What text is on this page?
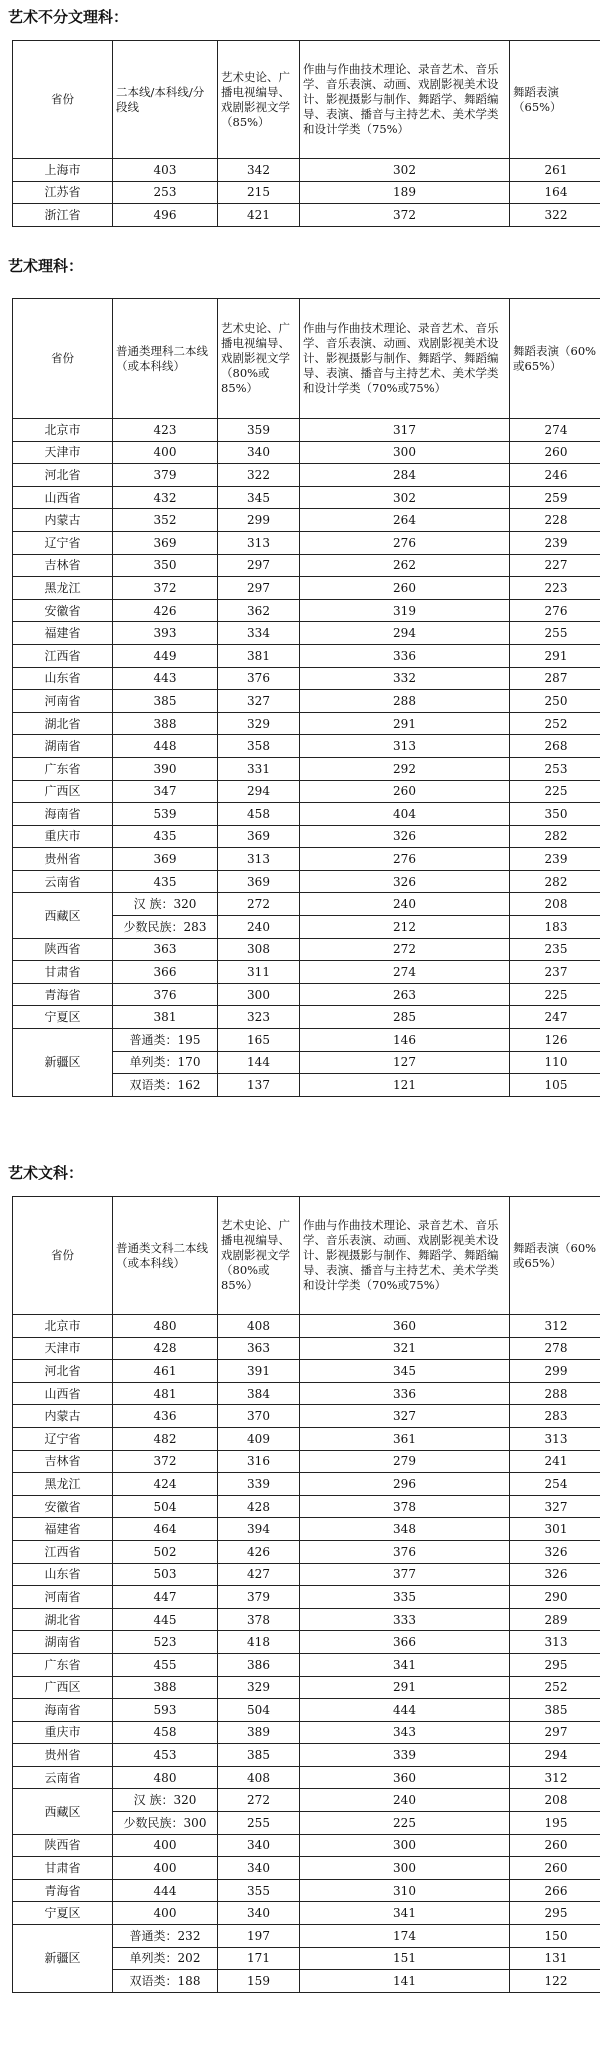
艺术不分文理科：
省份	二本线/本科线/分段线	艺术史论、广播电视编导、戏剧影视文学（85%）	作曲与作曲技术理论、录音艺术、音乐学、音乐表演、动画、戏剧影视美术设计、影视摄影与制作、舞蹈学、舞蹈编导、表演、播音与主持艺术、美术学类和设计学类（75%）	舞蹈表演（65%）
上海市	403	342	302	261
江苏省	253	215	189	164
浙江省	496	421	372	322
艺术理科：
省份	普通类理科二本线（或本科线）	艺术史论、广播电视编导、戏剧影视文学（80%或85%）	作曲与作曲技术理论、录音艺术、音乐学、音乐表演、动画、戏剧影视美术设计、影视摄影与制作、舞蹈学、舞蹈编导、表演、播音与主持艺术、美术学类和设计学类（70%或75%）	舞蹈表演（60%或65%）
北京市	423	359	317	274
天津市	400	340	300	260
河北省	379	322	284	246
山西省	432	345	302	259
内蒙古	352	299	264	228
辽宁省	369	313	276	239
吉林省	350	297	262	227
黑龙江	372	297	260	223
安徽省	426	362	319	276
福建省	393	334	294	255
江西省	449	381	336	291
山东省	443	376	332	287
河南省	385	327	288	250
湖北省	388	329	291	252
湖南省	448	358	313	268
广东省	390	331	292	253
广西区	347	294	260	225
海南省	539	458	404	350
重庆市	435	369	326	282
贵州省	369	313	276	239
云南省	435	369	326	282
西藏区	汉 族：320	272	240	208
	少数民族：283	240	212	183
陕西省	363	308	272	235
甘肃省	366	311	274	237
青海省	376	300	263	225
宁夏区	381	323	285	247
新疆区	普通类：195	165	146	126
	单列类：170	144	127	110
	双语类：162	137	121	105
艺术文科：
省份	普通类文科二本线（或本科线）	艺术史论、广播电视编导、戏剧影视文学（80%或85%）	作曲与作曲技术理论、录音艺术、音乐学、音乐表演、动画、戏剧影视美术设计、影视摄影与制作、舞蹈学、舞蹈编导、表演、播音与主持艺术、美术学类和设计学类（70%或75%）	舞蹈表演（60%或65%）
北京市	480	408	360	312
天津市	428	363	321	278
河北省	461	391	345	299
山西省	481	384	336	288
内蒙古	436	370	327	283
辽宁省	482	409	361	313
吉林省	372	316	279	241
黑龙江	424	339	296	254
安徽省	504	428	378	327
福建省	464	394	348	301
江西省	502	426	376	326
山东省	503	427	377	326
河南省	447	379	335	290
湖北省	445	378	333	289
湖南省	523	418	366	313
广东省	455	386	341	295
广西区	388	329	291	252
海南省	593	504	444	385
重庆市	458	389	343	297
贵州省	453	385	339	294
云南省	480	408	360	312
西藏区	汉 族：320	272	240	208
	少数民族：300	255	225	195
陕西省	400	340	300	260
甘肃省	400	340	300	260
青海省	444	355	310	266
宁夏区	400	340	341	295
新疆区	普通类：232	197	174	150
	单列类：202	171	151	131
	双语类：188	159	141	122
